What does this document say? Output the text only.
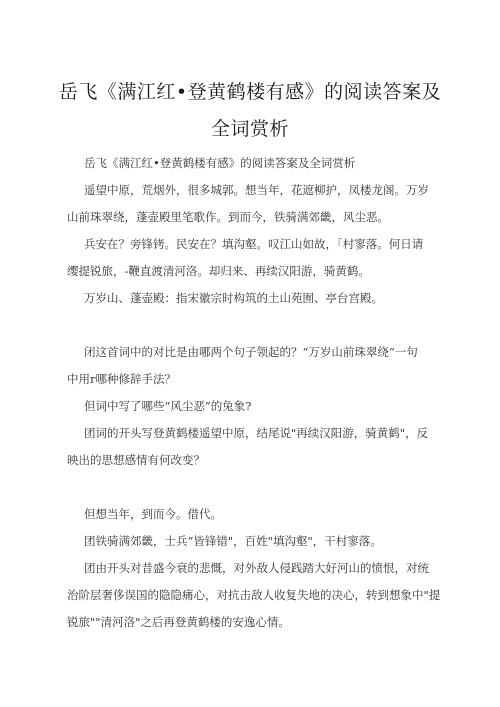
岳飞《满江红•登黄鹤楼有感》的阅读答案及
全词赏析
岳飞《满江红•登黄鹤楼有感》的阅读答案及全词赏析
遥望中原，荒烟外，很多城郭。想当年，花遮柳护，凤楼龙阁。万岁
山前珠翠绕，蓬壶殿里笔歌作。到而今，铁骑满郊畿，风尘恶。
兵安在？旁锋铐。民安在？填沟壑。叹江山如故，「村寥落。何日请
缨提锐旅，-鞭直渡清河洛。却归来、再续汉阳游，骑黄鹤。
万岁山、蓬壶殿：指宋徽宗时构筑的土山苑囿、亭台宫殿。
闭这首词中的对比是由哪两个句子领起的？“万岁山前珠翠绕“一句
中用r哪种修辞手法？
但词中写了哪些“风尘恶”的兔象?
团词的开头写登黄鹤楼遥望中原，结尾说"再续汉阳游，骑黄鹤"，反
映出的思想感情有何改变？
但想当年，到而今。借代。
团铁骑满郊畿，士兵“皆锋错"，百姓"填沟壑"，干村寥落。
团由开头对昔盛今衰的悲慨，对外敌人侵践踏大好河山的愤恨，对统
治阶层奢侈误国的隐隐痛心，对抗击敌人收复失地的决心，转到想象中"提
锐旅""清河洛"之后再登黄鹤楼的安逸心情。
